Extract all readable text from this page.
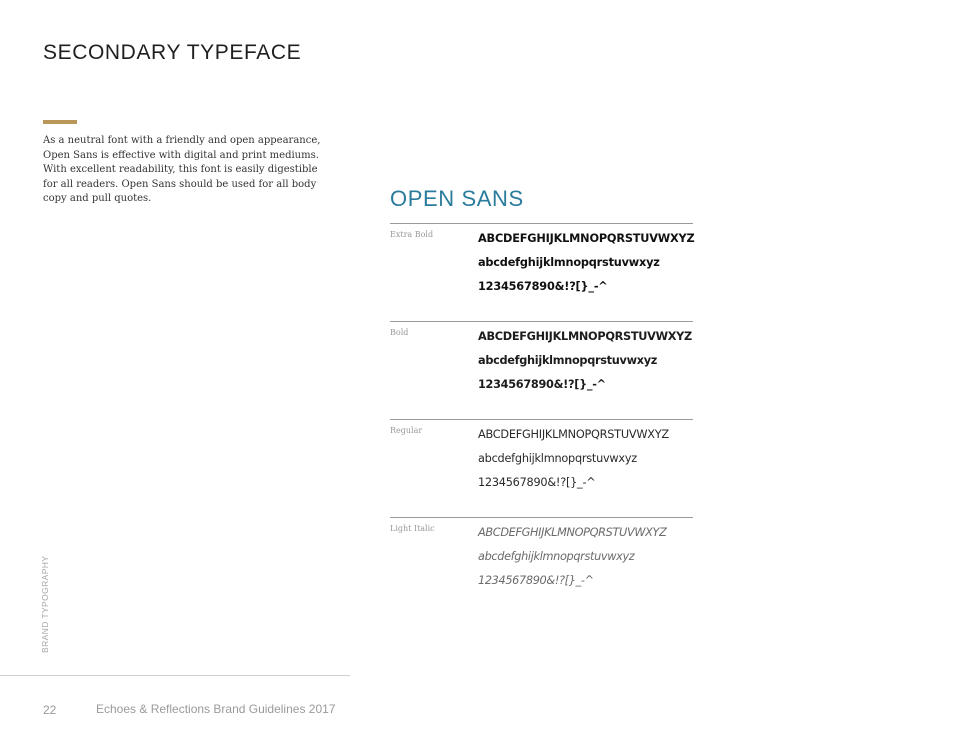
SECONDARY TYPEFACE

As a neutral font with a friendly and open appearance, Open Sans is effective with digital and print mediums. With excellent readability, this font is easily digestible for all readers. Open Sans should be used for all body copy and pull quotes.	OPEN SANS
Extra Bold	ABCDEFGHIJKLMNOPQRSTUVWXYZ
abcdefghijklmnopqrstuvwxyz
1234567890&!?[}_-^
Bold	ABCDEFGHIJKLMNOPQRSTUVWXYZ
abcdefghijklmnopqrstuvwxyz
1234567890&!?[}_-^
Regular	ABCDEFGHIJKLMNOPQRSTUVWXYZ
abcdefghijklmnopqrstuvwxyz
1234567890&!?[}_-^
Light Italic	ABCDEFGHIJKLMNOPQRSTUVWXYZ
abcdefghijklmnopqrstuvwxyz
1234567890&!?[}_-^
BRAND TYPOGRAPHY
22	Echoes & Reflections Brand Guidelines 2017
